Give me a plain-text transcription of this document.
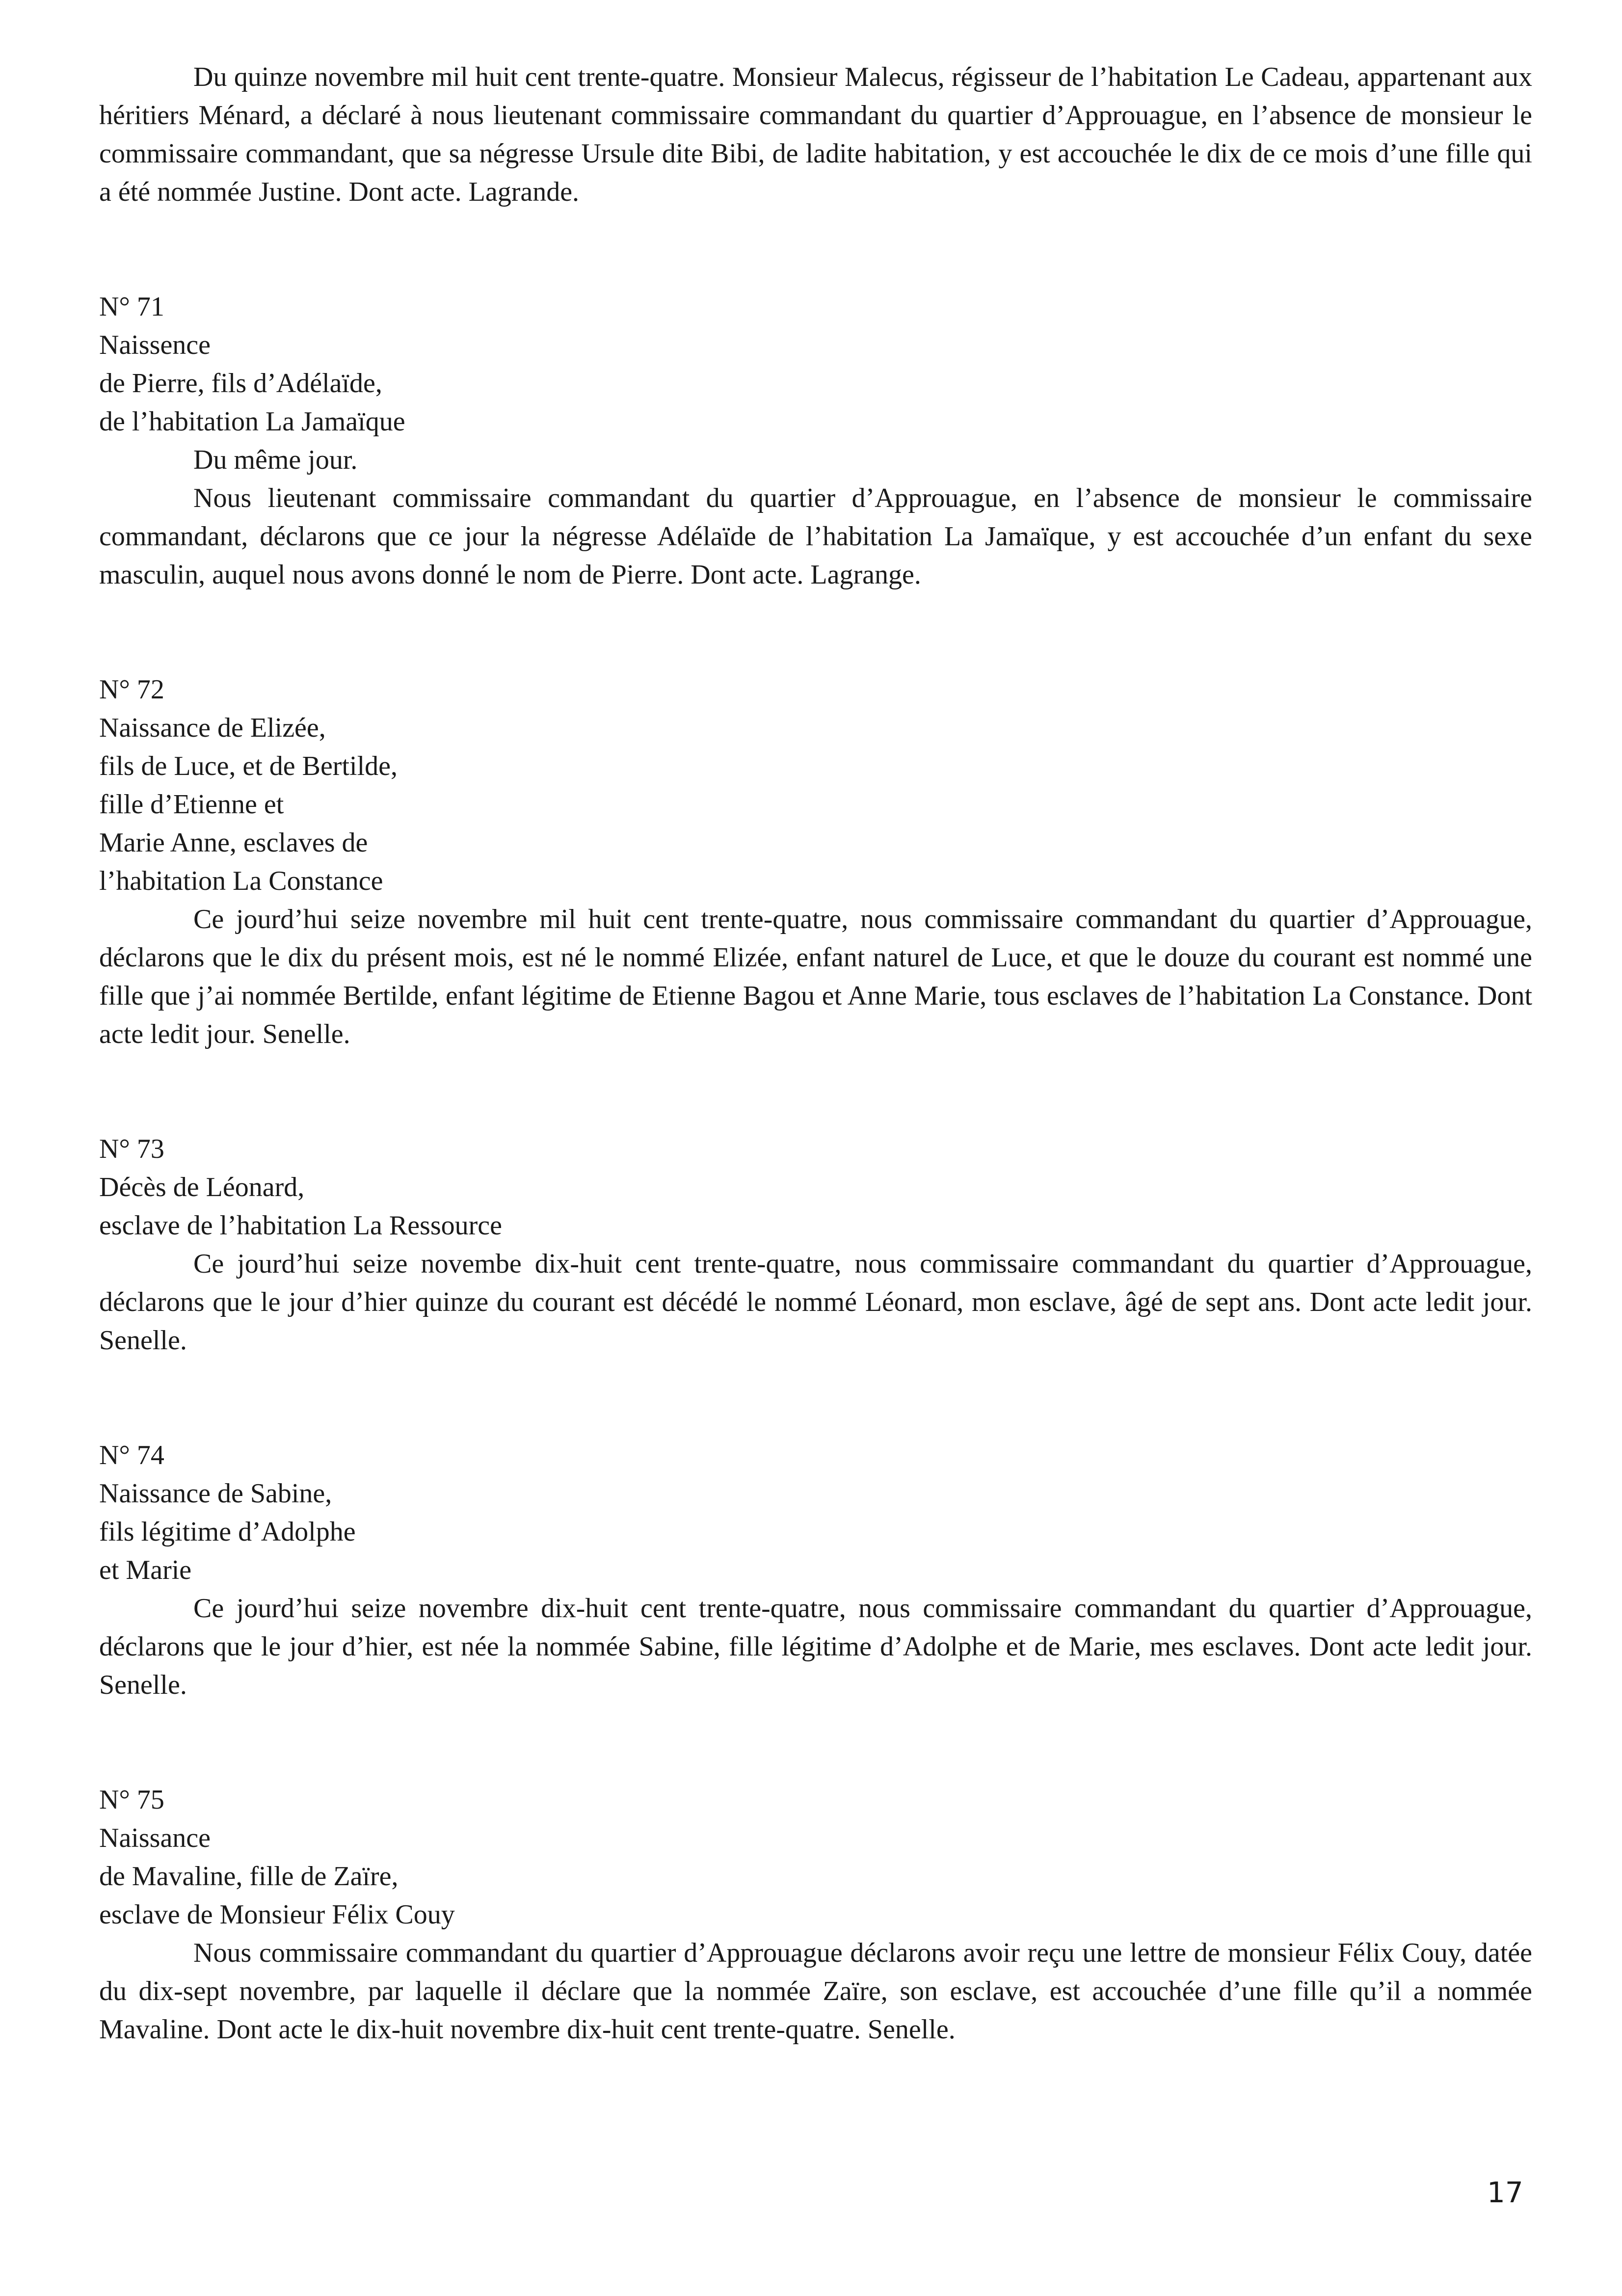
Du quinze novembre mil huit cent trente-quatre. Monsieur Malecus, régisseur de l’habitation Le Cadeau, appartenant aux héritiers Ménard, a déclaré à nous lieutenant commissaire commandant du quartier d’Approuague, en l’absence de monsieur le commissaire commandant, que sa négresse Ursule dite Bibi, de ladite habitation, y est accouchée le dix de ce mois d’une fille qui a été nommée Justine. Dont acte. Lagrande.

N° 71
Naissence
de Pierre, fils d’Adélaïde,
de l’habitation La Jamaïque

Du même jour.

Nous lieutenant commissaire commandant du quartier d’Approuague, en l’absence de monsieur le commissaire commandant, déclarons que ce jour la négresse Adélaïde de l’habitation La Jamaïque, y est accouchée d’un enfant du sexe masculin, auquel nous avons donné le nom de Pierre. Dont acte. Lagrange.

N° 72
Naissance de Elizée,
fils de Luce, et de Bertilde,
fille d’Etienne et
Marie Anne, esclaves de
l’habitation La Constance

Ce jourd’hui seize novembre mil huit cent trente-quatre, nous commissaire commandant du quartier d’Approuague, déclarons que le dix du présent mois, est né le nommé Elizée, enfant naturel de Luce, et que le douze du courant est nommé une fille que j’ai nommée Bertilde, enfant légitime de Etienne Bagou et Anne Marie, tous esclaves de l’habitation La Constance. Dont acte ledit jour. Senelle.

N° 73
Décès de Léonard,
esclave de l’habitation La Ressource

Ce jourd’hui seize novembe dix-huit cent trente-quatre, nous commissaire commandant du quartier d’Approuague, déclarons que le jour d’hier quinze du courant est décédé le nommé Léonard, mon esclave, âgé de sept ans. Dont acte ledit jour. Senelle.

N° 74
Naissance de Sabine,
fils légitime d’Adolphe
et Marie

Ce jourd’hui seize novembre dix-huit cent trente-quatre, nous commissaire commandant du quartier d’Approuague, déclarons que le jour d’hier, est née la nommée Sabine, fille légitime d’Adolphe et de Marie, mes esclaves. Dont acte ledit jour. Senelle.

N° 75
Naissance
de Mavaline, fille de Zaïre,
esclave de Monsieur Félix Couy

Nous commissaire commandant du quartier d’Approuague déclarons avoir reçu une lettre de monsieur Félix Couy, datée du dix-sept novembre, par laquelle il déclare que la nommée Zaïre, son esclave, est accouchée d’une fille qu’il a nommée Mavaline. Dont acte le dix-huit novembre dix-huit cent trente-quatre. Senelle.

17
